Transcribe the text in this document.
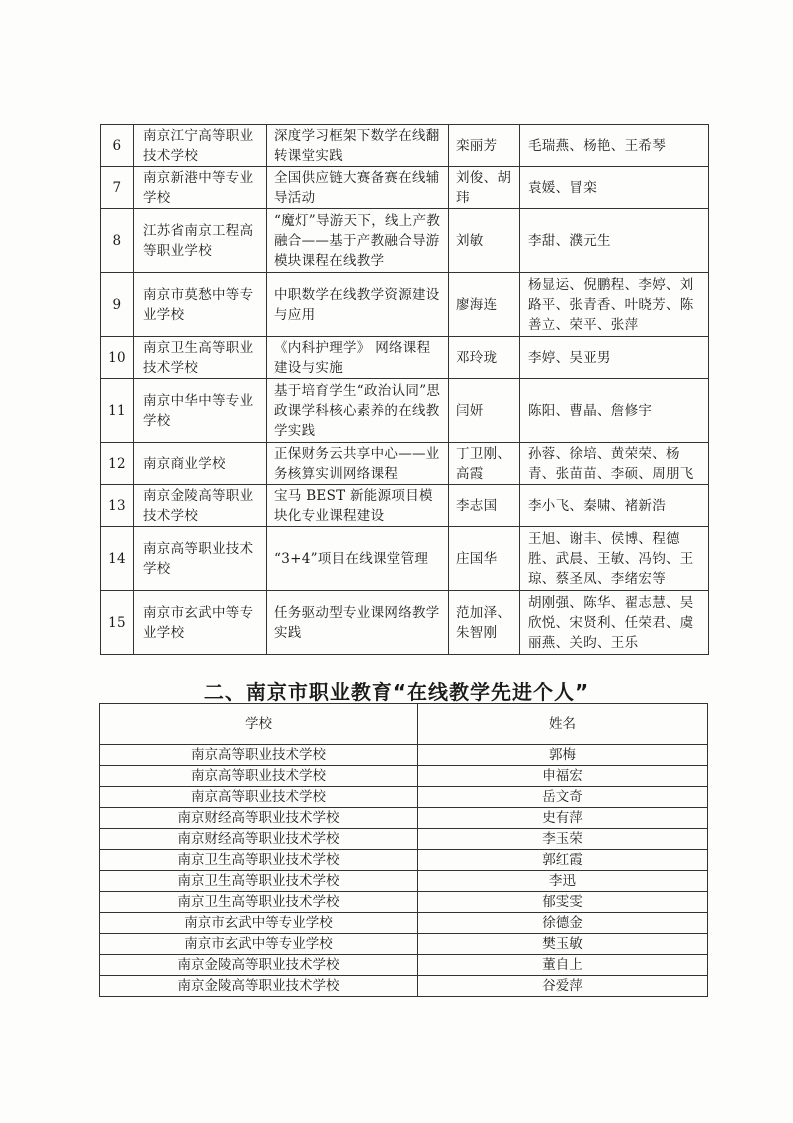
6	南京江宁高等职业技术学校	深度学习框架下数学在线翻转课堂实践	栾丽芳	毛瑞燕、杨艳、王希琴
7	南京新港中等专业学校	全国供应链大赛备赛在线辅导活动	刘俊、胡玮	袁媛、冒栾
8	江苏省南京工程高等职业学校	“魔灯”导游天下，线上产教融合——基于产教融合导游模块课程在线教学	刘敏	李甜、濮元生
9	南京市莫愁中等专业学校	中职数学在线教学资源建设与应用	廖海连	杨显运、倪鹏程、李婷、刘路平、张青香、叶晓芳、陈善立、荣平、张萍
10	南京卫生高等职业技术学校	《内科护理学》 网络课程建设与实施	邓玲珑	李婷、吴亚男
11	南京中华中等专业学校	基于培育学生“政治认同”思政课学科核心素养的在线教学实践	闫妍	陈阳、曹晶、詹修宇
12	南京商业学校	正保财务云共享中心——业务核算实训网络课程	丁卫刚、高霞	孙蓉、徐培、黄荣荣、杨青、张苗苗、李硕、周朋飞
13	南京金陵高等职业技术学校	宝马 BEST 新能源项目模块化专业课程建设	李志国	李小飞、秦啸、褚新浩
14	南京高等职业技术学校	“3+4”项目在线课堂管理	庄国华	王旭、谢丰、侯博、程德胜、武晨、王敏、冯钧、王琼、蔡圣凤、李绪宏等
15	南京市玄武中等专业学校	任务驱动型专业课网络教学实践	范加泽、朱智刚	胡刚强、陈华、翟志慧、吴欣悦、宋贤利、任荣君、虞丽燕、关昀、王乐
二、南京市职业教育“在线教学先进个人”
学校	姓名
南京高等职业技术学校	郭梅
南京高等职业技术学校	申福宏
南京高等职业技术学校	岳文奇
南京财经高等职业技术学校	史有萍
南京财经高等职业技术学校	李玉荣
南京卫生高等职业技术学校	郭红霞
南京卫生高等职业技术学校	李迅
南京卫生高等职业技术学校	郁雯雯
南京市玄武中等专业学校	徐德金
南京市玄武中等专业学校	樊玉敏
南京金陵高等职业技术学校	董自上
南京金陵高等职业技术学校	谷爱萍
